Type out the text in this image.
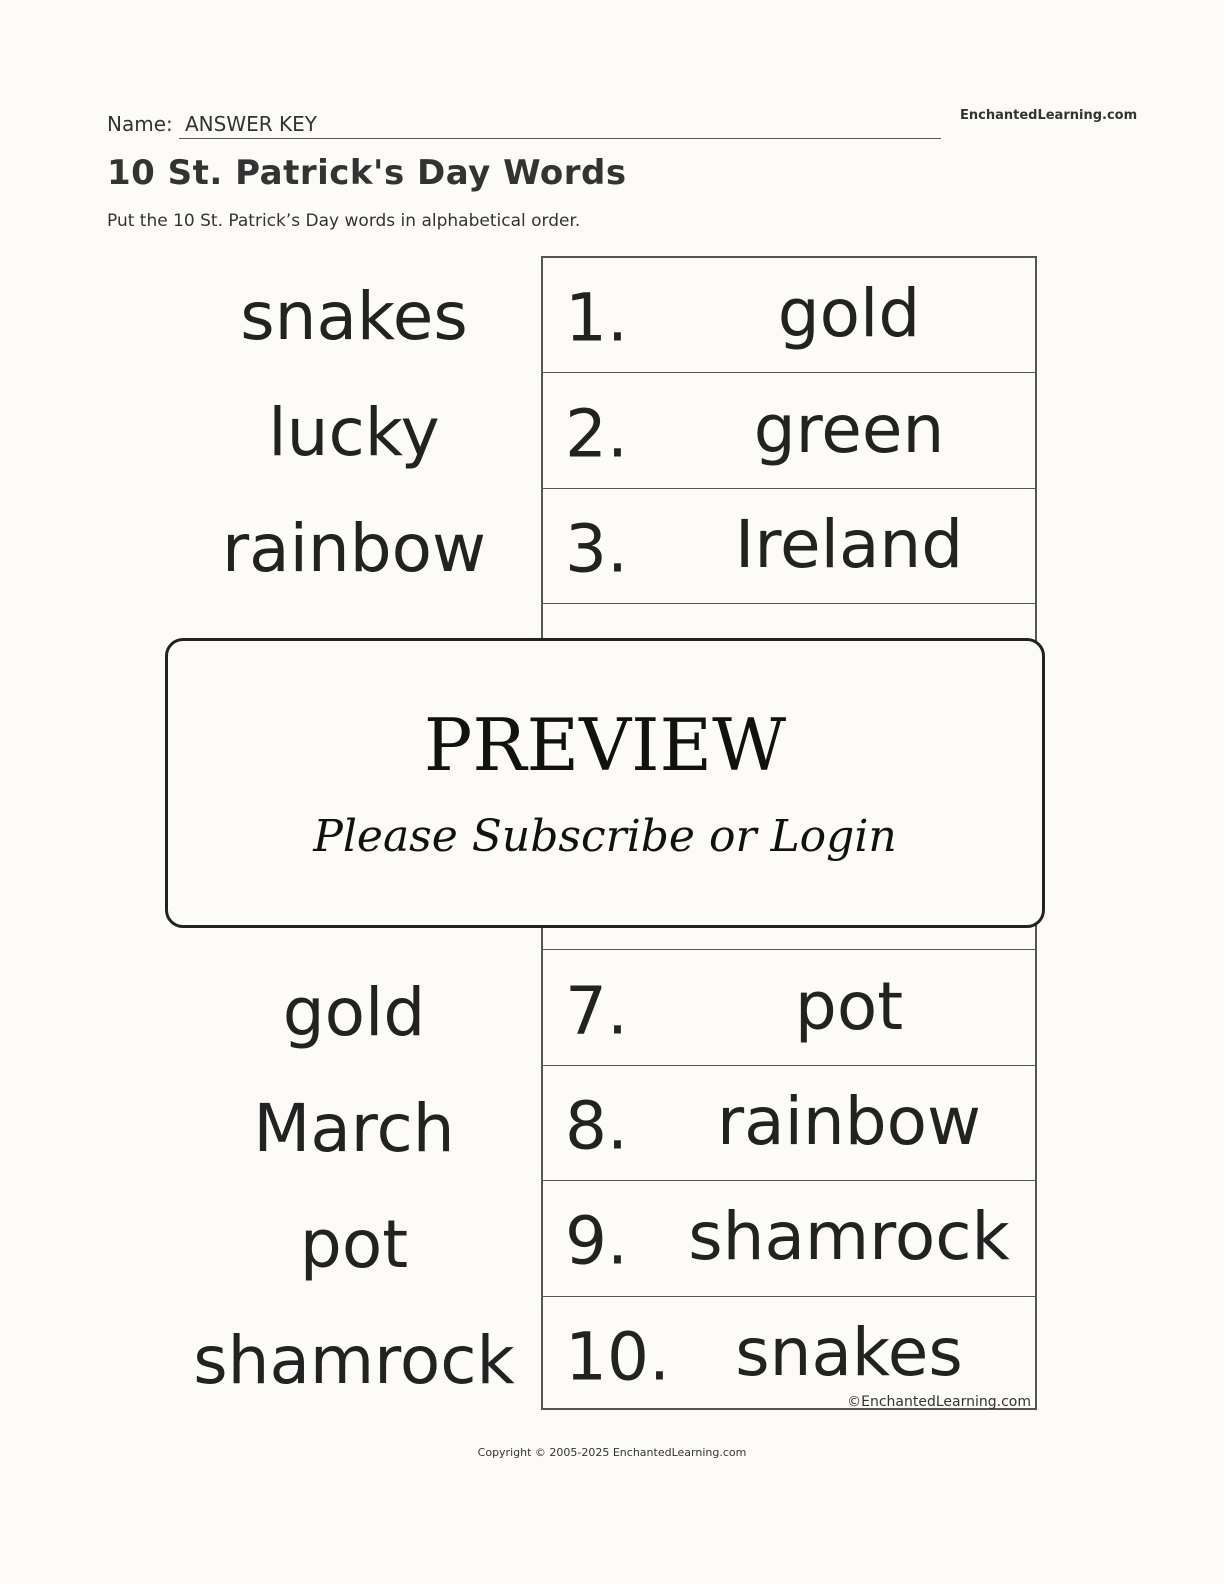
Name: ANSWER KEY	EnchantedLearning.com
10 St. Patrick's Day Words
Put the 10 St. Patrick’s Day words in alphabetical order.
snakes
lucky
rainbow
gold
March
pot
shamrock
1.	gold
2.	green
3.	Ireland
7.	pot
8.	rainbow
9. shamrock
10. snakes
©EnchantedLearning.com
PREVIEW
Please Subscribe or Login
Copyright © 2005-2025 EnchantedLearning.com
